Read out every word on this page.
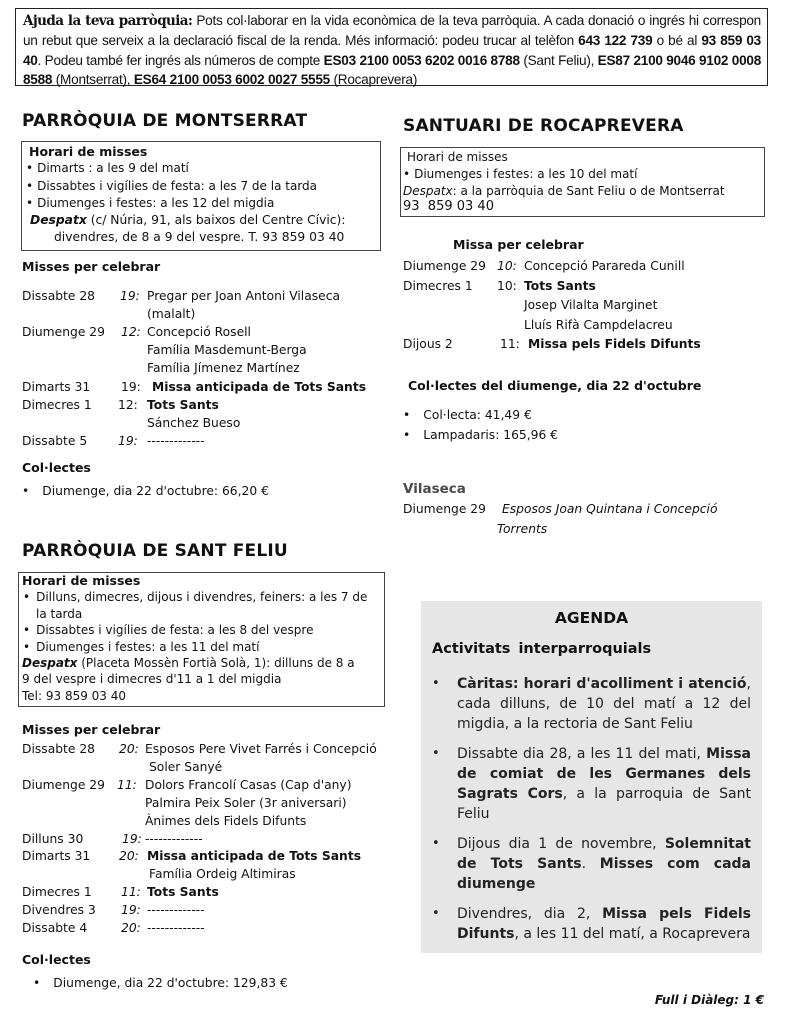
Ajuda la teva parròquia: Pots col·laborar en la vida econòmica de la teva parròquia. A cada donació o ingrés hi correspon un rebut que serveix a la declaració fiscal de la renda. Més informació: podeu trucar al telèfon 643 122 739 o bé al 93 859 03 40. Podeu també fer ingrés als números de compte ES03 2100 0053 6202 0016 8788 (Sant Feliu), ES87 2100 9046 9102 0008 8588 (Montserrat), ES64 2100 0053 6002 0027 5555 (Rocaprevera)
PARRÒQUIA DE MONTSERRAT
Horari de misses
• Dimarts : a les 9 del matí
• Dissabtes i vigílies de festa: a les 7 de la tarda
• Diumenges i festes: a les 12 del migdia
Despatx (c/ Núria, 91, als baixos del Centre Cívic):
divendres, de 8 a 9 del vespre. T. 93 859 03 40
Misses per celebrar
Dissabte 28 19: Pregar per Joan Antoni Vilaseca
(malalt)
Diumenge 29 12: Concepció Rosell
Família Masdemunt-Berga
Família Jímenez Martínez
Dimarts 31	19: Missa anticipada de Tots Sants
Dimecres 1 12: Tots Sants
Sánchez Bueso
Dissabte 5	19: -------------
Col·lectes
• Diumenge, dia 22 d'octubre: 66,20 €
SANTUARI DE ROCAPREVERA
Horari de misses
• Diumenges i festes: a les 10 del matí
Despatx: a la parròquia de Sant Feliu o de Montserrat
93  859 03 40
Missa per celebrar
Diumenge 29 10: Concepció Parareda Cunill
Dimecres 1 10: Tots Sants
Josep Vilalta Marginet
Lluís Rifà Campdelacreu
Dijous 2	11: Missa pels Fidels Difunts
Col·lectes del diumenge, dia 22 d'octubre
• Col·lecta: 41,49 €
• Lampadaris: 165,96 €
Vilaseca
Diumenge 29 Esposos Joan Quintana i Concepció
Torrents
PARRÒQUIA DE SANT FELIU
Horari de misses
• Dilluns, dimecres, dijous i divendres, feiners: a les 7 de
la tarda
• Dissabtes i vigílies de festa: a les 8 del vespre
• Diumenges i festes: a les 11 del matí
Despatx (Placeta Mossèn Fortià Solà, 1): dilluns de 8 a
9 del vespre i dimecres d'11 a 1 del migdia
Tel: 93 859 03 40
Misses per celebrar
Dissabte 28 20: Esposos Pere Vivet Farrés i Concepció
Soler Sanyé
Diumenge 29 11: Dolors Francolí Casas (Cap d'any)
Palmira Peix Soler (3r aniversari)
Ànimes dels Fidels Difunts
Dilluns 30	19: -------------
Dimarts 31 20: Missa anticipada de Tots Sants
Família Ordeig Altimiras
Dimecres 1 11: Tots Sants
Divendres 3 19: -------------
Dissabte 4	20: -------------
Col·lectes
• Diumenge, dia 22 d'octubre: 129,83 €
AGENDA
Activitats interparroquials
• Càritas: horari d'acolliment i atenció, cada dilluns, de 10 del matí a 12 del migdia, a la rectoria de Sant Feliu
• Dissabte dia 28, a les 11 del mati, Missa de comiat de les Germanes dels Sagrats Cors, a la parroquia de Sant Feliu
• Dijous dia 1 de novembre, Solemnitat de Tots Sants. Misses com cada diumenge
• Divendres, dia 2, Missa pels Fidels Difunts, a les 11 del matí, a Rocaprevera
Full i Diàleg: 1 €
